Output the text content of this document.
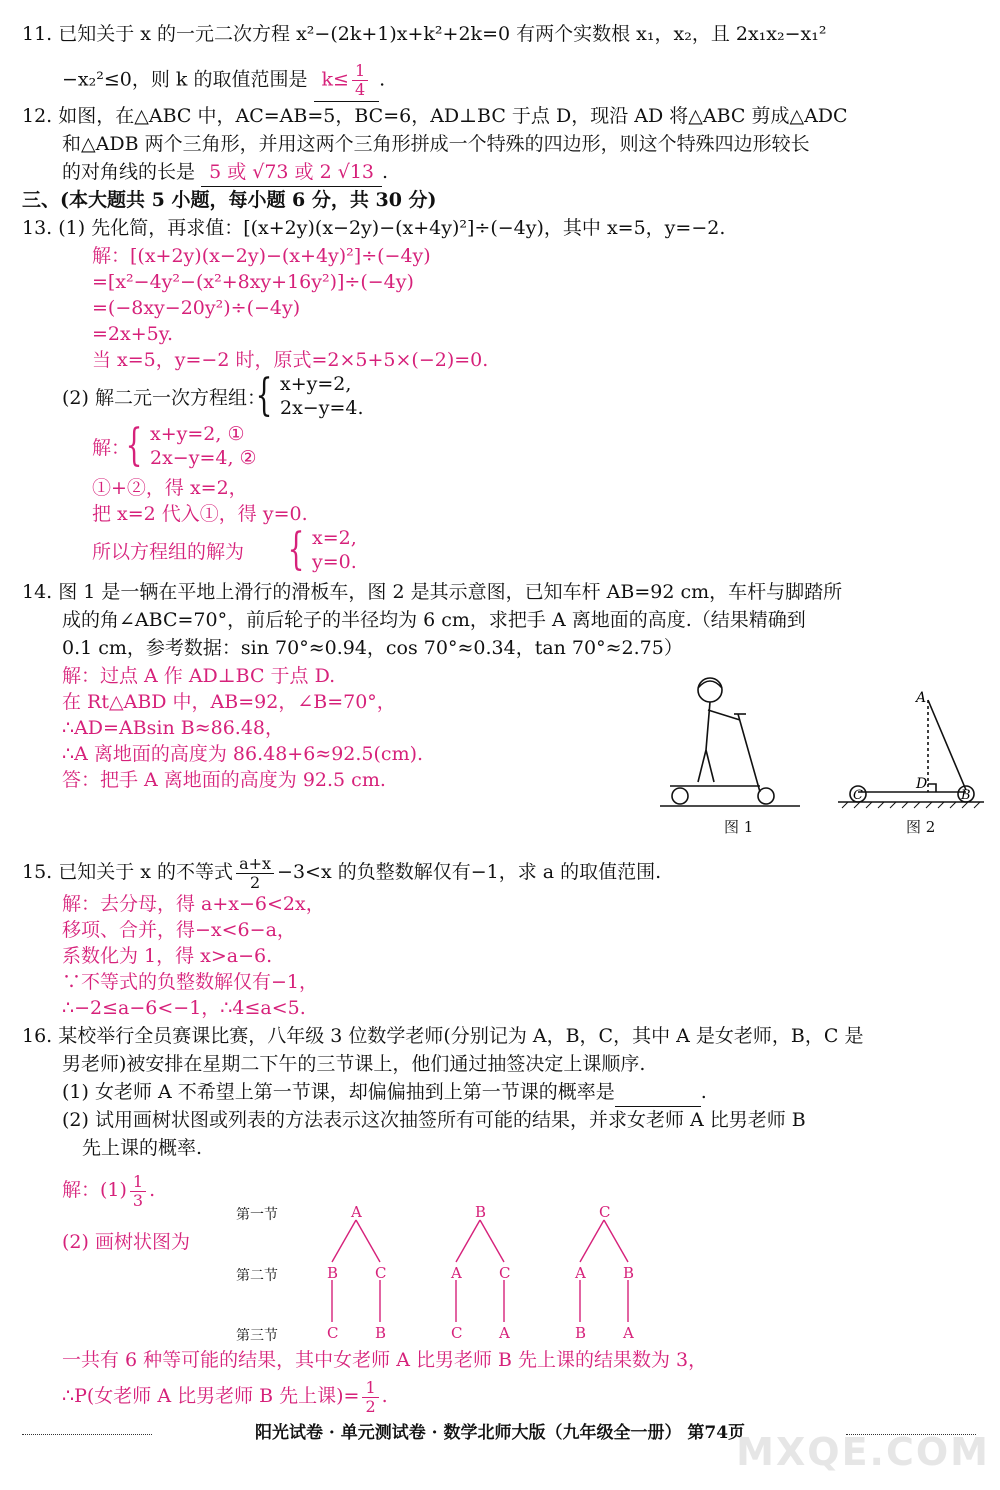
11. 已知关于 x 的一元二次方程 x²−(2k+1)x+k²+2k=0 有两个实数根 x₁，x₂，且 2x₁x₂−x₁²
−x₂²≤0，则 k 的取值范围是 $k\le \frac{1}{4}$ .
12. 如图，在△ABC 中，AC=AB=5，BC=6，AD⊥BC 于点 D，现沿 AD 将△ABC 剪成△ADC
和△ADB 两个三角形，并用这两个三角形拼成一个特殊的四边形，则这个特殊四边形较长
的对角线的长是 5 或 √73 或 2 √13 .
三、(本大题共 5 小题，每小题 6 分，共 30 分)
13. (1) 先化简，再求值：[(x+2y)(x−2y)−(x+4y)²]÷(−4y)，其中 x=5，y=−2.
解：[(x+2y)(x−2y)−(x+4y)²]÷(−4y)
=[x²−4y²−(x²+8xy+16y²)]÷(−4y)
=(−8xy−20y²)÷(−4y)
=2x+5y.
当 x=5，y=−2 时，原式=2×5+5×(−2)=0.
(2) 解二元一次方程组：
{ x+y=2,
2x−y=4.
解：
{ x+y=2, ①
2x−y=4, ②
①+②，得 x=2，
把 x=2 代入①，得 y=0.
所以方程组的解为 { x=2,
y=0.
14. 图 1 是一辆在平地上滑行的滑板车，图 2 是其示意图，已知车杆 AB=92 cm，车杆与脚踏所
成的角∠ABC=70°，前后轮子的半径均为 6 cm，求把手 A 离地面的高度.（结果精确到
0.1 cm，参考数据：sin 70°≈0.94，cos 70°≈0.34，tan 70°≈2.75）
解：过点 A 作 AD⊥BC 于点 D.
在 Rt△ABD 中，AB=92，∠B=70°，
∴AD=ABsin B≈86.48，
∴A 离地面的高度为 86.48+6≈92.5(cm).
答：把手 A 离地面的高度为 92.5 cm.
图 1
A
D
C	B
图 2
15. 已知关于 x 的不等式 $\frac{a+x}{2} -3<x$ 的负整数解仅有−1，求 a 的取值范围.
解：去分母，得 a+x−6<2x，
移项、合并，得−x<6−a，
系数化为 1，得 x>a−6.
∵不等式的负整数解仅有−1，
∴−2≤a−6<−1，∴4≤a<5.
16. 某校举行全员赛课比赛，八年级 3 位数学老师(分别记为 A，B，C，其中 A 是女老师，B，C 是
男老师)被安排在星期二下午的三节课上，他们通过抽签决定上课顺序.
(1) 女老师 A 不希望上第一节课，却偏偏抽到上第一节课的概率是	.
(2) 试用画树状图或列表的方法表示这次抽签所有可能的结果，并求女老师 A 比男老师 B
先上课的概率.
解：$(1) \frac{1}{3}$ .
(2) 画树状图为
第一节
第二节
第三节
A
B C
C B
B
A C
C A
C
A B
B A
一共有 6 种等可能的结果，其中女老师 A 比男老师 B 先上课的结果数为 3，
∴P(女老师 A 比男老师 B 先上课)= $\frac{1}{2}$ .
阳光试卷 · 单元测试卷 · 数学北师大版（九年级全一册） 第74页
MXQE.COM
